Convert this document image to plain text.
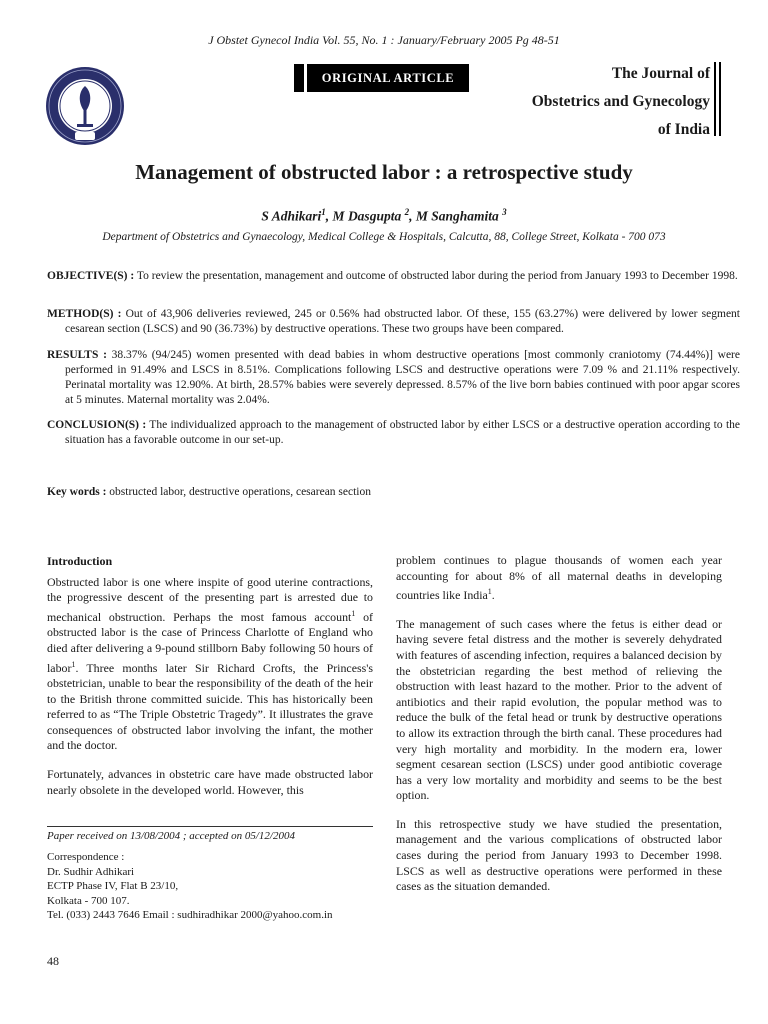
J Obstet Gynecol India Vol. 55, No. 1 : January/February 2005 Pg 48-51
ORIGINAL ARTICLE	The Journal of
Obstetrics and Gynecology
of India
Management of obstructed labor : a retrospective study
S Adhikari$^1$, M Dasgupta $^2$, M Sanghamita $^3$
Department of Obstetrics and Gynaecology, Medical College & Hospitals, Calcutta, 88, College Street, Kolkata - 700 073
OBJECTIVE(S) : To review the presentation, management and outcome of obstructed labor during the period from January 1993 to December 1998.
METHOD(S) : Out of 43,906 deliveries reviewed, 245 or 0.56% had obstructed labor. Of these, 155 (63.27%) were delivered by lower segment cesarean section (LSCS) and 90 (36.73%) by destructive operations. These two groups have been compared.
RESULTS : 38.37% (94/245) women presented with dead babies in whom destructive operations [most commonly craniotomy (74.44%)] were performed in 91.49% and LSCS in 8.51%. Complications following LSCS and destructive operations were 7.09 % and 21.11% respectively. Perinatal mortality was 12.90%. At birth, 28.57% babies were severely depressed. 8.57% of the live born babies continued with poor apgar scores at 5 minutes. Maternal mortality was 2.04%.
CONCLUSION(S) : The individualized approach to the management of obstructed labor by either LSCS or a destructive operation according to the situation has a favorable outcome in our set-up.
Key words : obstructed labor, destructive operations, cesarean section
Introduction

Obstructed labor is one where inspite of good uterine contractions, the progressive descent of the presenting part is arrested due to mechanical obstruction. Perhaps the most famous account$^1$ of obstructed labor is the case of Princess Charlotte of England who died after delivering a 9-pound stillborn Baby following 50 hours of labor$^1$. Three months later Sir Richard Crofts, the Princess's obstetrician, unable to bear the responsibility of the death of the heir to the British throne committed suicide. This has historically been referred to as “The Triple Obstetric Tragedy”. It illustrates the grave consequences of obstructed labor involving the infant, the mother and the doctor.

Fortunately, advances in obstetric care have made obstructed labor nearly obsolete in the developed world. However, this

Paper received on 13/08/2004 ; accepted on 05/12/2004
Correspondence :
Dr. Sudhir Adhikari
ECTP Phase IV, Flat B 23/10,
Kolkata - 700 107.
Tel. (033) 2443 7646 Email : sudhiradhikar 2000@yahoo.com.in

problem continues to plague thousands of women each year accounting for about 8% of all maternal deaths in developing countries like India$^1$.

The management of such cases where the fetus is either dead or having severe fetal distress and the mother is severely dehydrated with features of ascending infection, requires a balanced decision by the obstetrician regarding the best method of relieving the obstruction with least hazard to the mother. Prior to the advent of antibiotics and their rapid evolution, the popular method was to reduce the bulk of the fetal head or trunk by destructive operations to allow its extraction through the birth canal. These procedures had very high mortality and morbidity. In the modern era, lower segment cesarean section (LSCS) under good antibiotic coverage has a very low mortality and morbidity and seems to be the best option.

In this retrospective study we have studied the presentation, management and the various complications of obstructed labor cases during the period from January 1993 to December 1998. LSCS as well as destructive operations were performed in these cases as the situation demanded.

48
